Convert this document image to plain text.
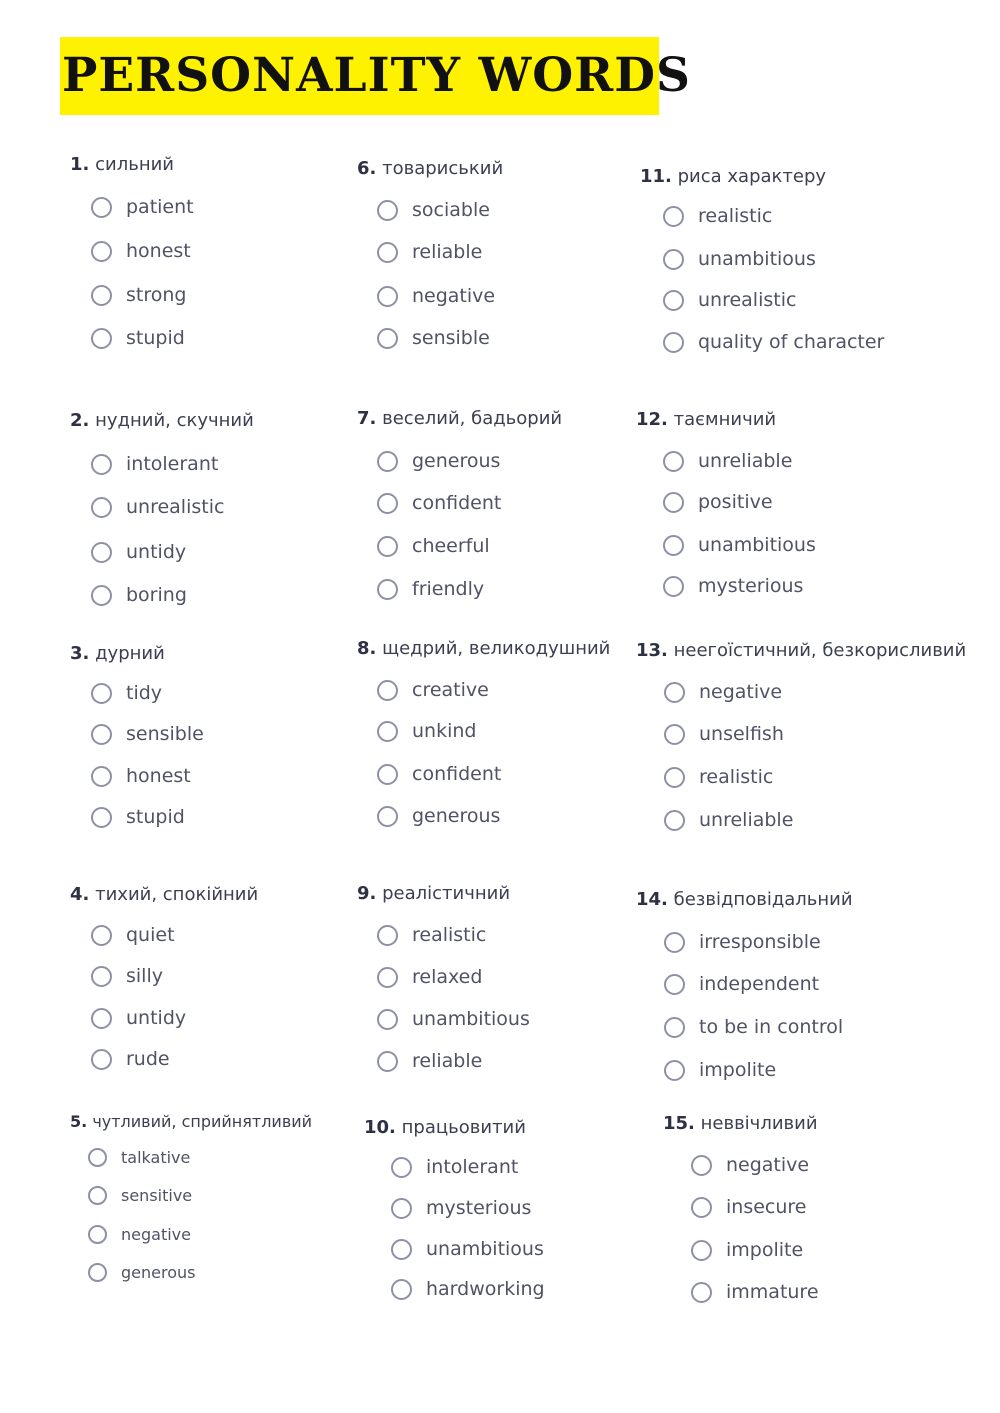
PERSONALITY WORDS
1. сильний
patient
honest
strong
stupid
2. нудний, скучний
intolerant
unrealistic
untidy
boring
3. дурний
tidy
sensible
honest
stupid
4. тихий, спокійний
quiet
silly
untidy
rude
5. чутливий, сприйнятливий
talkative
sensitive
negative
generous
6. товариський
sociable
reliable
negative
sensible
7. веселий, бадьорий
generous
confident
cheerful
friendly
8. щедрий, великодушний
creative
unkind
confident
generous
9. реалістичний
realistic
relaxed
unambitious
reliable
10. працьовитий
intolerant
mysterious
unambitious
hardworking
11. риса характеру
realistic
unambitious
unrealistic
quality of character
12. таємничий
unreliable
positive
unambitious
mysterious
13. неегоїстичний, безкорисливий
negative
unselfish
realistic
unreliable
14. безвідповідальний
irresponsible
independent
to be in control
impolite
15. неввічливий
negative
insecure
impolite
immature
